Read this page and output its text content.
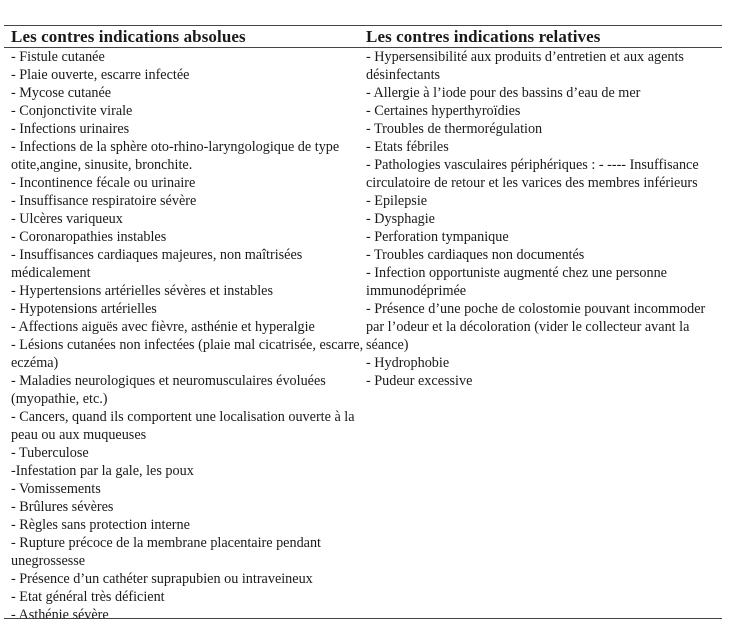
Les contres indications absolues	Les contres indications relatives
- Fistule cutanée
- Plaie ouverte, escarre infectée
- Mycose cutanée
- Conjonctivite virale
- Infections urinaires
- Infections de la sphère oto-rhino-laryngologique de type otite,angine, sinusite, bronchite.
- Incontinence fécale ou urinaire
- Insuffisance respiratoire sévère
- Ulcères variqueux
- Coronaropathies instables
- Insuffisances cardiaques majeures, non maîtrisées médicalement
- Hypertensions artérielles sévères et instables
- Hypotensions artérielles
- Affections aiguës avec fièvre, asthénie et hyperalgie
- Lésions cutanées non infectées (plaie mal cicatrisée, escarre, eczéma)
- Maladies neurologiques et neuromusculaires évoluées (myopathie, etc.)
- Cancers, quand ils comportent une localisation ouverte à la peau ou aux muqueuses
- Tuberculose
-Infestation par la gale, les poux
- Vomissements
- Brûlures sévères
- Règles sans protection interne
- Rupture précoce de la membrane placentaire pendant unegrossesse
- Présence d’un cathéter suprapubien ou intraveineux
- Etat général très déficient
- Asthénie sévère
- Hypersensibilité aux produits d’entretien et aux agents désinfectants
- Allergie à l’iode pour des bassins d’eau de mer
- Certaines hyperthyroïdies
- Troubles de thermorégulation
- Etats fébriles
- Pathologies vasculaires périphériques : - ---- Insuffisance circulatoire de retour et les varices des membres inférieurs
- Epilepsie
- Dysphagie
- Perforation tympanique
- Troubles cardiaques non documentés
- Infection opportuniste augmenté chez une personne immunodéprimée
- Présence d’une poche de colostomie pouvant incommoder par l’odeur et la décoloration (vider le collecteur avant la séance)
- Hydrophobie
- Pudeur excessive
